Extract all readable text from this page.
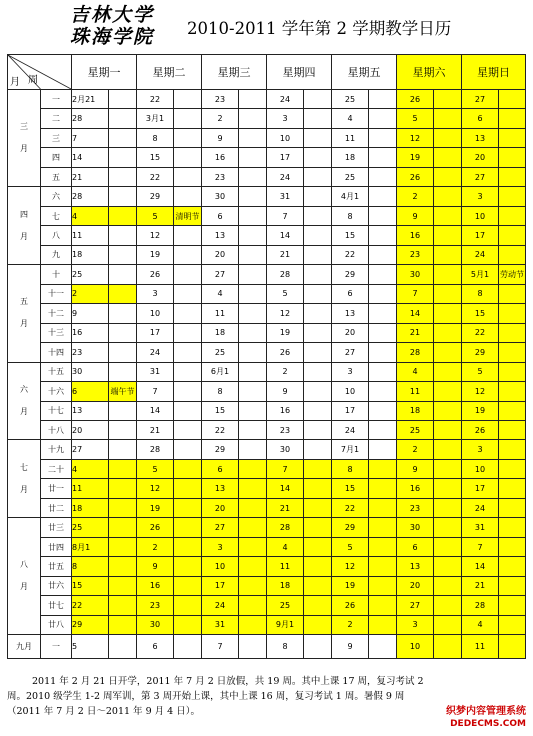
吉林大学
珠海学院	2010-2011 学年第 2 学期教学日历
月 周		星期一		星期二		星期三		星期四		星期五		星期六		星期日	
三
月	一	2月21		22		23		24		25		26		27	
	二	28		3月1		2		3		4		5		6	
	三	7		8		9		10		11		12		13	
	四	14		15		16		17		18		19		20	
	五	21		22		23		24		25		26		27	
四
月	六	28		29		30		31		4月1		2		3	
	七	4		5	清明节	6		7		8		9		10	
	八	11		12		13		14		15		16		17	
	九	18		19		20		21		22		23		24	
五
月	十	25		26		27		28		29		30		5月1	劳动节
	十一	2		3		4		5		6		7		8	
	十二	9		10		11		12		13		14		15	
	十三	16		17		18		19		20		21		22	
	十四	23		24		25		26		27		28		29	
六
月	十五	30		31		6月1		2		3		4		5	
	十六	6	端午节	7		8		9		10		11		12	
	十七	13		14		15		16		17		18		19	
	十八	20		21		22		23		24		25		26	
七
月	十九	27		28		29		30		7月1		2		3	
	二十	4		5		6		7		8		9		10	
	廿一	11		12		13		14		15		16		17	
	廿二	18		19		20		21		22		23		24	
八
月	廿三	25		26		27		28		29		30		31	
	廿四	8月1		2		3		4		5		6		7	
	廿五	8		9		10		11		12		13		14	
	廿六	15		16		17		18		19		20		21	
	廿七	22		23		24		25		26		27		28	
	廿八	29		30		31		9月1		2		3		4	
九月	一	5		6		7		8		9		10		11	

2011 年 2 月 21 日开学，2011 年 7 月 2 日放假，共 19 周。其中上课 17 周，复习考试 2

周。2010 级学生 1-2 周军训，第 3 周开始上课，其中上课 16 周，复习考试 1 周。暑假 9 周
（2011 年 7 月 2 日～2011 年 9 月 4 日）。	织梦内容管理系统
DEDECMS.COM
